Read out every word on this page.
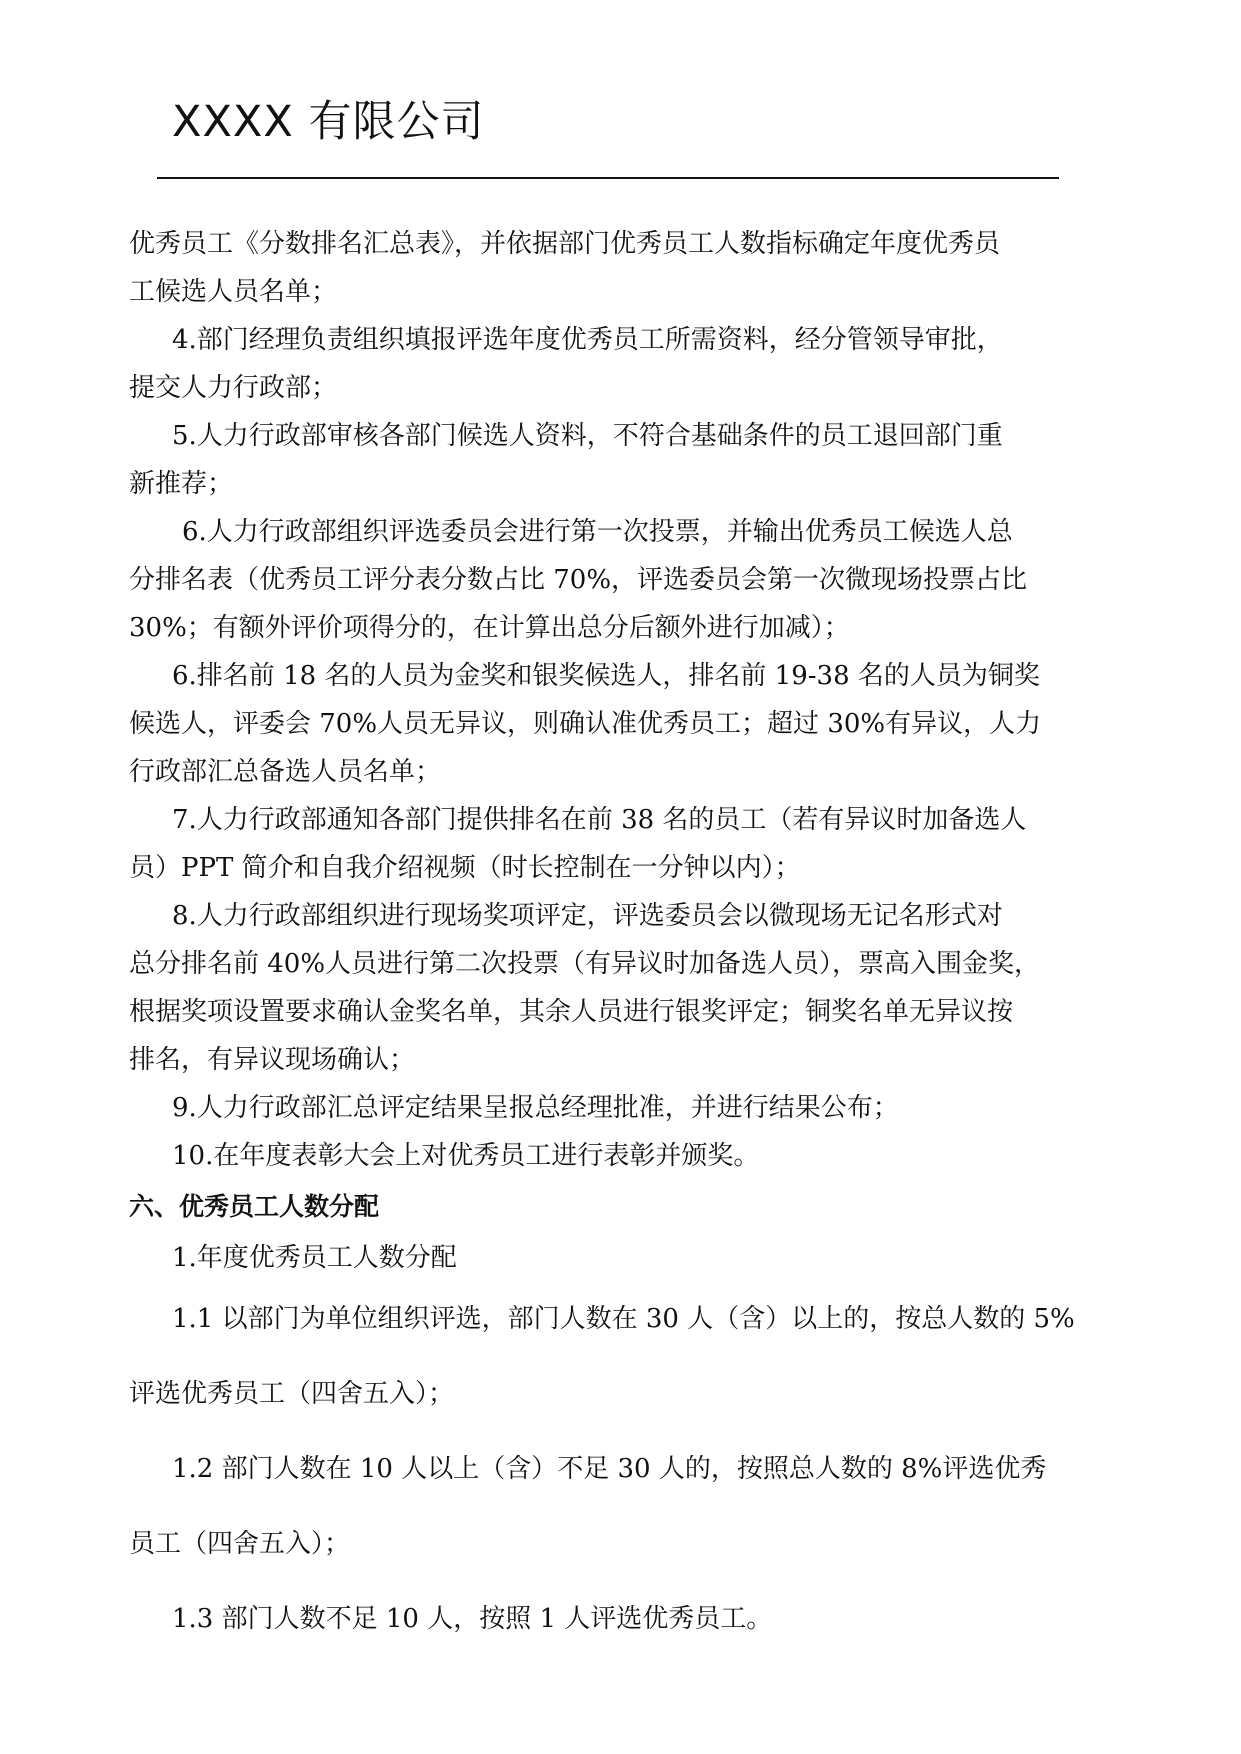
XXXX 有限公司
优秀员工《分数排名汇总表》，并依据部门优秀员工人数指标确定年度优秀员
工候选人员名单；
4.部门经理负责组织填报评选年度优秀员工所需资料，经分管领导审批，
提交人力行政部；
5.人力行政部审核各部门候选人资料，不符合基础条件的员工退回部门重
新推荐；
6.人力行政部组织评选委员会进行第一次投票，并输出优秀员工候选人总
分排名表（优秀员工评分表分数占比 70%，评选委员会第一次微现场投票占比
30%；有额外评价项得分的，在计算出总分后额外进行加减）；
6.排名前 18 名的人员为金奖和银奖候选人，排名前 19-38 名的人员为铜奖
候选人，评委会 70%人员无异议，则确认准优秀员工；超过 30%有异议，人力
行政部汇总备选人员名单；
7.人力行政部通知各部门提供排名在前 38 名的员工（若有异议时加备选人
员）PPT 简介和自我介绍视频（时长控制在一分钟以内）；
8.人力行政部组织进行现场奖项评定，评选委员会以微现场无记名形式对
总分排名前 40%人员进行第二次投票（有异议时加备选人员），票高入围金奖，
根据奖项设置要求确认金奖名单，其余人员进行银奖评定；铜奖名单无异议按
排名，有异议现场确认；
9.人力行政部汇总评定结果呈报总经理批准，并进行结果公布；
10.在年度表彰大会上对优秀员工进行表彰并颁奖。
六、优秀员工人数分配
1.年度优秀员工人数分配
1.1 以部门为单位组织评选，部门人数在 30 人（含）以上的，按总人数的 5%
评选优秀员工（四舍五入）；
1.2 部门人数在 10 人以上（含）不足 30 人的，按照总人数的 8%评选优秀
员工（四舍五入）；
1.3 部门人数不足 10 人，按照 1 人评选优秀员工。
